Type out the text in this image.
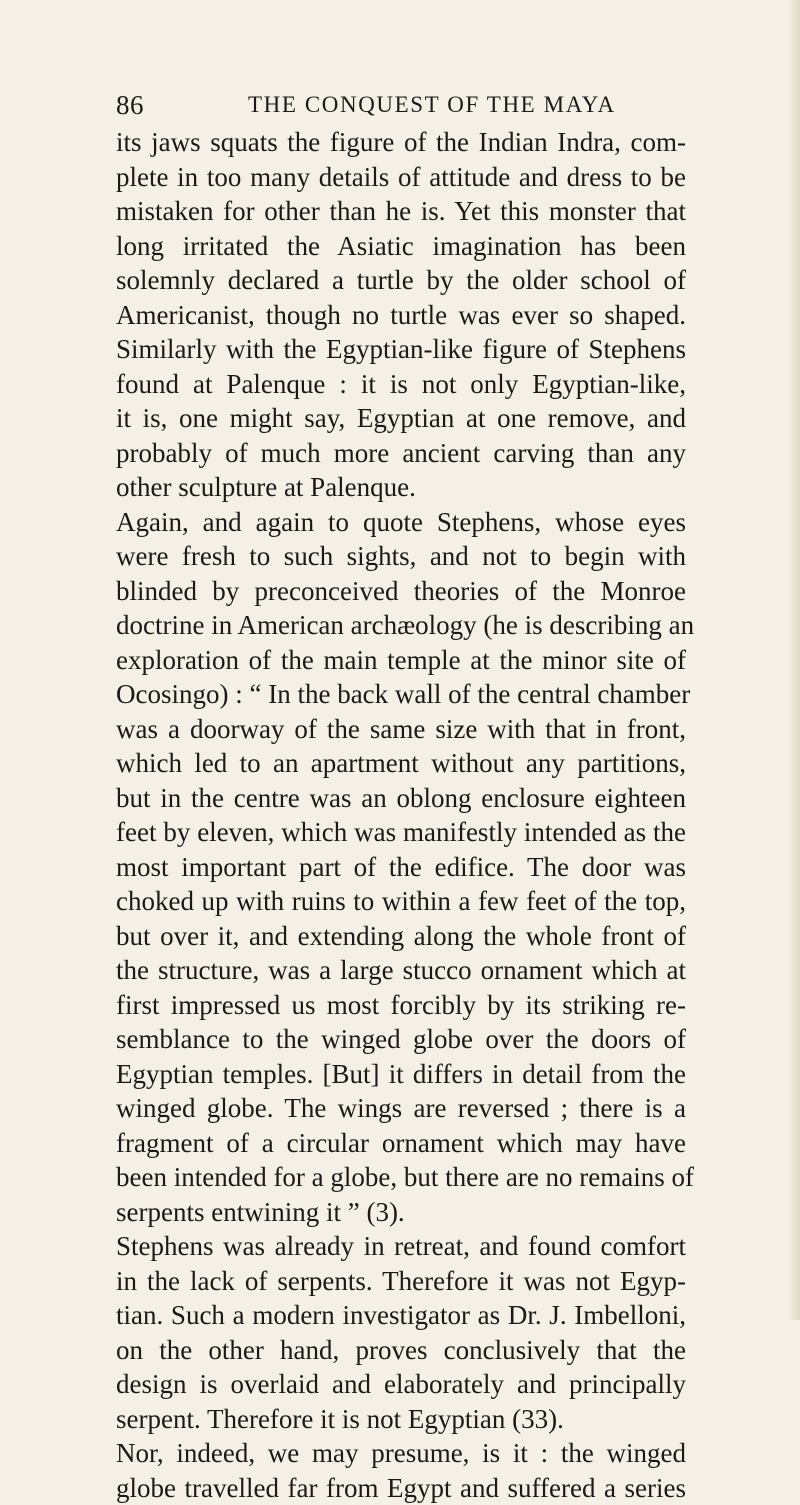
86	THE CONQUEST OF THE MAYA
its jaws squats the figure of the Indian Indra, com-
plete in too many details of attitude and dress to be
mistaken for other than he is. Yet this monster that
long irritated the Asiatic imagination has been
solemnly declared a turtle by the older school of
Americanist, though no turtle was ever so shaped.
Similarly with the Egyptian-like figure of Stephens
found at Palenque : it is not only Egyptian-like,
it is, one might say, Egyptian at one remove, and
probably of much more ancient carving than any
other sculpture at Palenque.
Again, and again to quote Stephens, whose eyes
were fresh to such sights, and not to begin with
blinded by preconceived theories of the Monroe
doctrine in American archæology (he is describing an
exploration of the main temple at the minor site of
Ocosingo) : “ In the back wall of the central chamber
was a doorway of the same size with that in front,
which led to an apartment without any partitions,
but in the centre was an oblong enclosure eighteen
feet by eleven, which was manifestly intended as the
most important part of the edifice. The door was
choked up with ruins to within a few feet of the top,
but over it, and extending along the whole front of
the structure, was a large stucco ornament which at
first impressed us most forcibly by its striking re-
semblance to the winged globe over the doors of
Egyptian temples. [But] it differs in detail from the
winged globe. The wings are reversed ; there is a
fragment of a circular ornament which may have
been intended for a globe, but there are no remains of
serpents entwining it ” (3).
Stephens was already in retreat, and found comfort
in the lack of serpents. Therefore it was not Egyp-
tian. Such a modern investigator as Dr. J. Imbelloni,
on the other hand, proves conclusively that the
design is overlaid and elaborately and principally
serpent. Therefore it is not Egyptian (33).
Nor, indeed, we may presume, is it : the winged
globe travelled far from Egypt and suffered a series
